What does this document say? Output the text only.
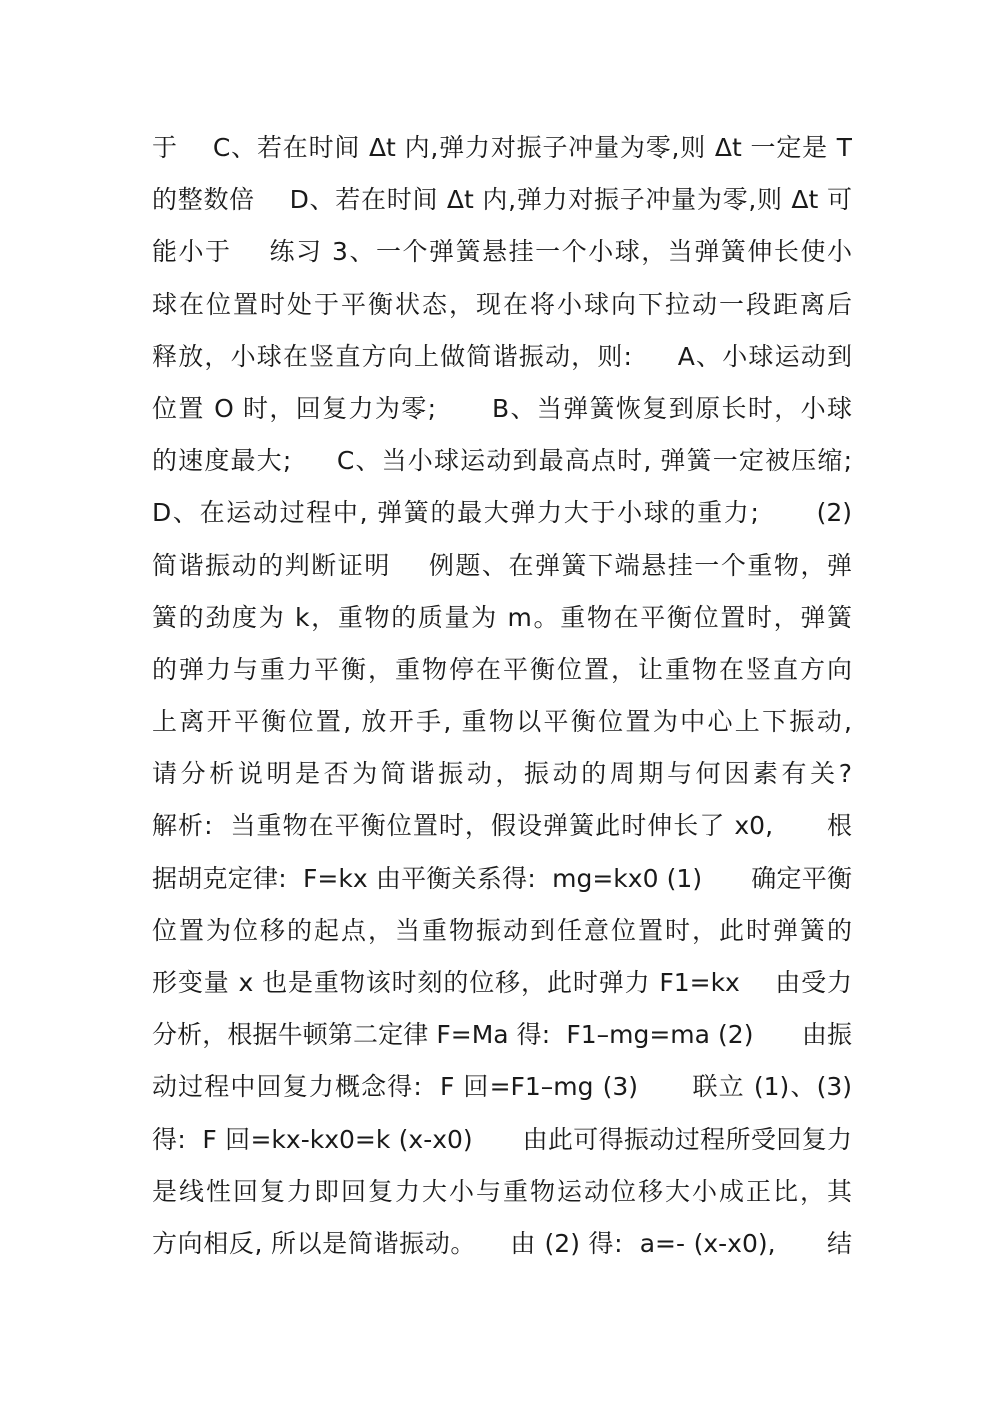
于    C、若在时间 Δt 内,弹力对振子冲量为零,则 Δt 一定是 T
的整数倍    D、若在时间 Δt 内,弹力对振子冲量为零,则 Δt 可
能小于    练习 3、一个弹簧悬挂一个小球，当弹簧伸长使小
球在位置时处于平衡状态，现在将小球向下拉动一段距离后
释放，小球在竖直方向上做简谐振动，则:     A、小球运动到
位置 O 时，回复力为零;      B、当弹簧恢复到原长时，小球
的速度最大;     C、当小球运动到最高点时, 弹簧一定被压缩;
D、在运动过程中, 弹簧的最大弹力大于小球的重力;      (2)
简谐振动的判断证明    例题、在弹簧下端悬挂一个重物，弹
簧的劲度为 k，重物的质量为 m。重物在平衡位置时，弹簧
的弹力与重力平衡，重物停在平衡位置，让重物在竖直方向
上离开平衡位置, 放开手, 重物以平衡位置为中心上下振动,
请分析说明是否为简谐振动，振动的周期与何因素有关?
解析:  当重物在平衡位置时，假设弹簧此时伸长了 x0,      根
据胡克定律:  F=kx 由平衡关系得:  mg=kx0 (1)      确定平衡
位置为位移的起点，当重物振动到任意位置时，此时弹簧的
形变量 x 也是重物该时刻的位移，此时弹力 F1=kx    由受力
分析，根据牛顿第二定律 F=Ma 得:  F1–mg=ma (2)      由振
动过程中回复力概念得:  F 回=F1–mg (3)      联立 (1)、(3)
得:  F 回=kx-kx0=k (x-x0)      由此可得振动过程所受回复力
是线性回复力即回复力大小与重物运动位移大小成正比，其
方向相反, 所以是简谐振动。    由 (2) 得:  a=- (x-x0),      结
